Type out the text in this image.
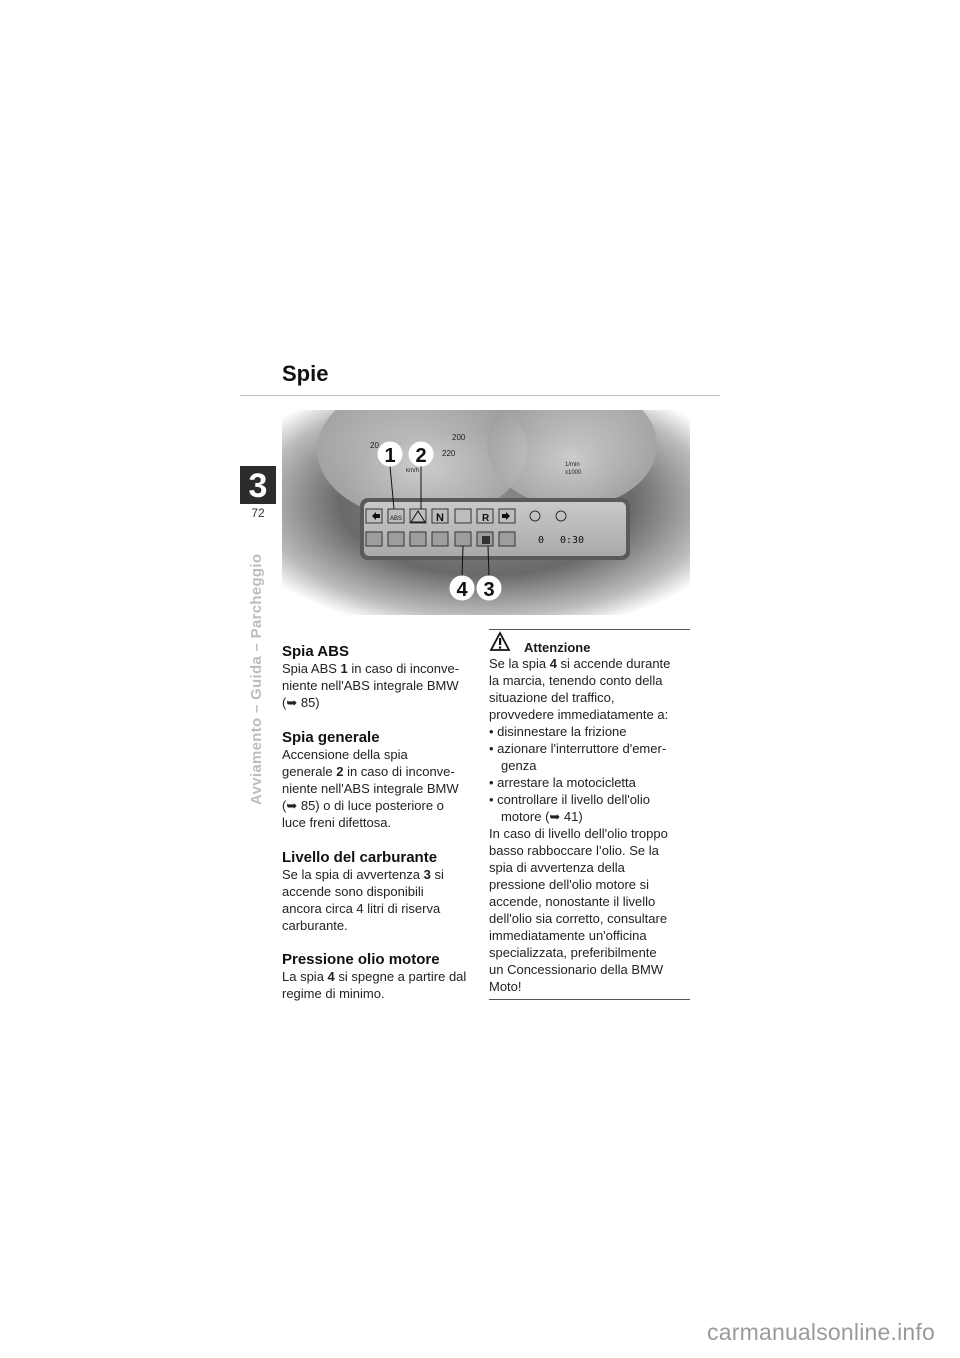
Spie
3
72
Avviamento – Guida – Parcheggio
20
200
220
km/h
1/min
x1000
ABS	N	R
0 0:30
1 2
4 3
Spia ABS

Spia ABS 1 in caso di inconve-
niente nell'ABS integrale BMW
(➥ 85)

Spia generale

Accensione della spia
generale 2 in caso di inconve-
niente nell'ABS integrale BMW
(➥ 85) o di luce posteriore o
luce freni difettosa.

Livello del carburante

Se la spia di avvertenza 3 si
accende sono disponibili
ancora circa 4 litri di riserva
carburante.

Pressione olio motore

La spia 4 si spegne a partire dal
regime di minimo.

Attenzione

Se la spia 4 si accende durante
la marcia, tenendo conto della
situazione del traffico,
provvedere immediatamente a:

• disinnestare la frizione
• azionare l'interruttore d'emer-
genza
• arrestare la motocicletta
• controllare il livello dell'olio
motore (➥ 41)

In caso di livello dell'olio troppo
basso rabboccare l’olio. Se la
spia di avvertenza della
pressione dell'olio motore si
accende, nonostante il livello
dell'olio sia corretto, consultare
immediatamente un'officina
specializzata, preferibilmente
un Concessionario della BMW
Moto!

carmanualsonline.info
